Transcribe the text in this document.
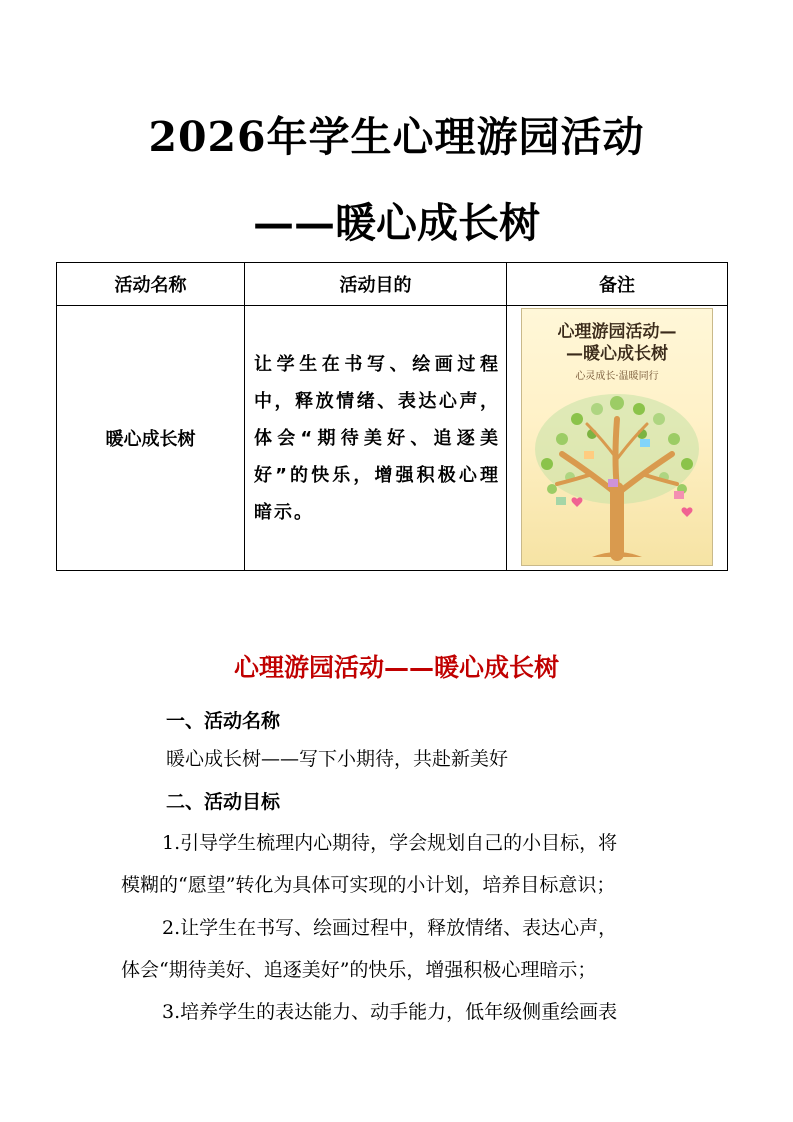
2026年学生心理游园活动
——暖心成长树
活动名称	活动目的	备注
暖心成长树	让学生在书写、绘画过程中，释放情绪、表达心声，体会“期待美好、追逐美好”的快乐，增强积极心理暗示。	心理游园活动—
—暖心成长树
心灵成长·温暖同行
心理游园活动——暖心成长树
一、活动名称
暖心成长树——写下小期待，共赴新美好
二、活动目标
1.引导学生梳理内心期待，学会规划自己的小目标，将
模糊的“愿望”转化为具体可实现的小计划，培养目标意识；
2.让学生在书写、绘画过程中，释放情绪、表达心声，
体会“期待美好、追逐美好”的快乐，增强积极心理暗示；
3.培养学生的表达能力、动手能力，低年级侧重绘画表
